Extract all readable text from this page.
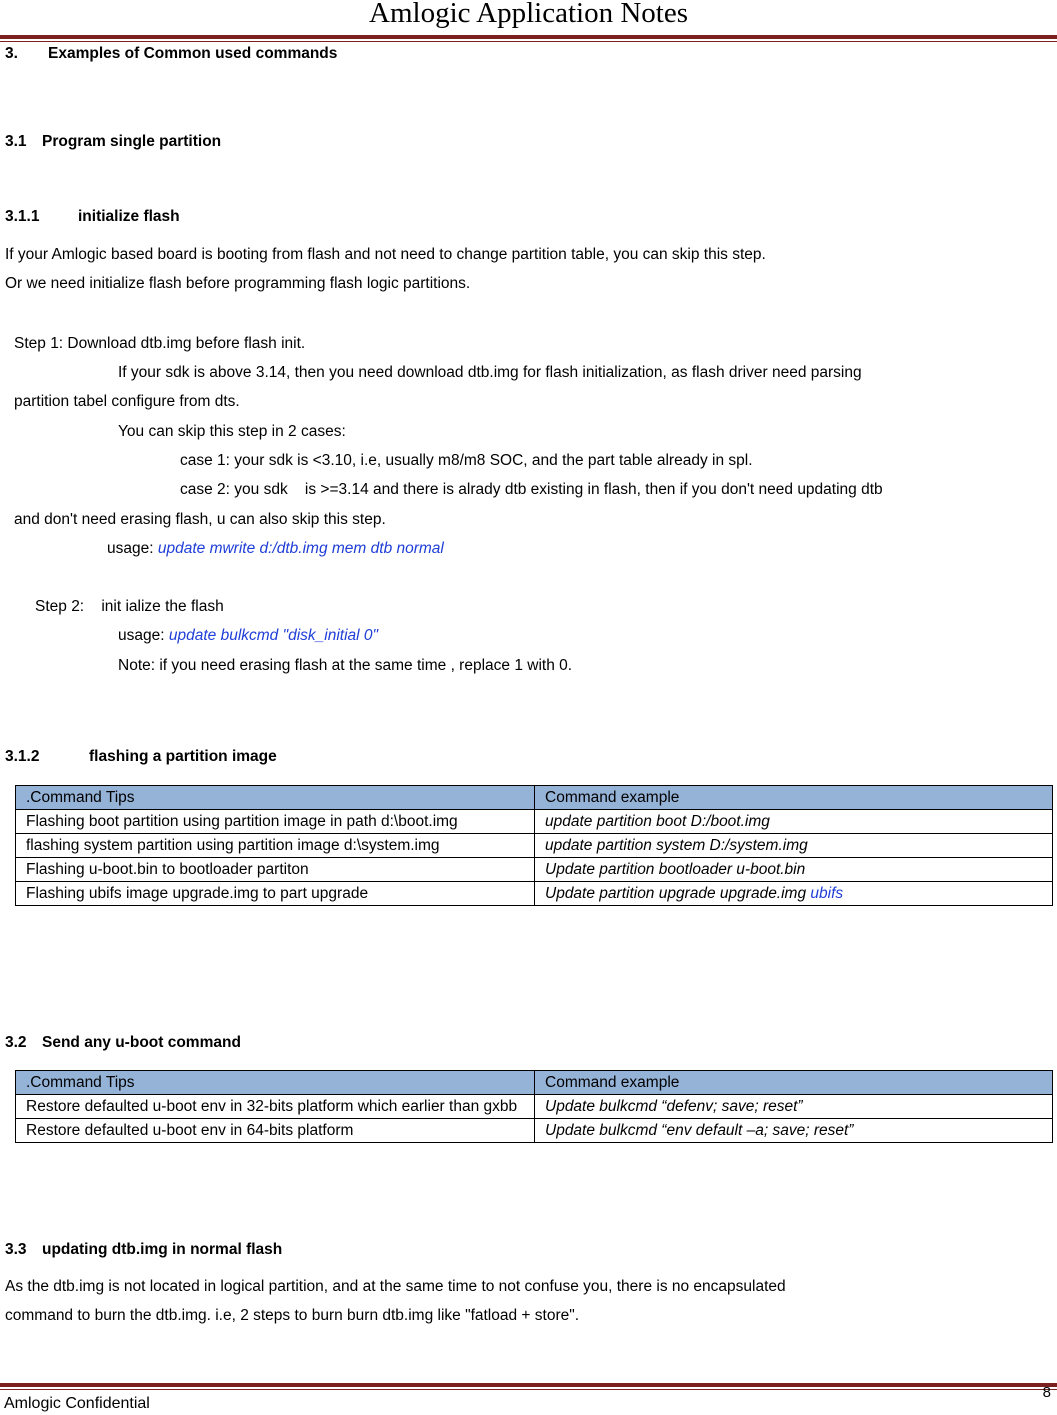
Amlogic Application Notes
3. Examples of Common used commands
3.1 Program single partition
3.1.1 initialize flash
If your Amlogic based board is booting from flash and not need to change partition table, you can skip this step.
Or we need initialize flash before programming flash logic partitions.
Step 1: Download dtb.img before flash init.
If your sdk is above 3.14, then you need download dtb.img for flash initialization, as flash driver need parsing
partition tabel configure from dts.
You can skip this step in 2 cases:
case 1: your sdk is <3.10, i.e, usually m8/m8 SOC, and the part table already in spl.
case 2: you sdk    is >=3.14 and there is alrady dtb existing in flash, then if you don't need updating dtb
and don't need erasing flash, u can also skip this step.
usage: update mwrite d:/dtb.img mem dtb normal
Step 2:    init ialize the flash
usage: update bulkcmd "disk_initial 0"
Note: if you need erasing flash at the same time , replace 1 with 0.
3.1.2	flashing a partition image
.Command Tips	Command example
Flashing boot partition using partition image in path d:\boot.img	update partition boot D:/boot.img
flashing system partition using partition image d:\system.img	update partition system D:/system.img
Flashing u-boot.bin to bootloader partiton	Update partition bootloader u-boot.bin
Flashing ubifs image upgrade.img to part upgrade	Update partition upgrade upgrade.img ubifs
3.2 Send any u-boot command
.Command Tips	Command example
Restore defaulted u-boot env in 32-bits platform which earlier than gxbb	Update bulkcmd “defenv; save; reset”
Restore defaulted u-boot env in 64-bits platform	Update bulkcmd “env default –a; save; reset”
3.3 updating dtb.img in normal flash
As the dtb.img is not located in logical partition, and at the same time to not confuse you, there is no encapsulated
command to burn the dtb.img. i.e, 2 steps to burn burn dtb.img like "fatload + store".
Amlogic Confidential
8
